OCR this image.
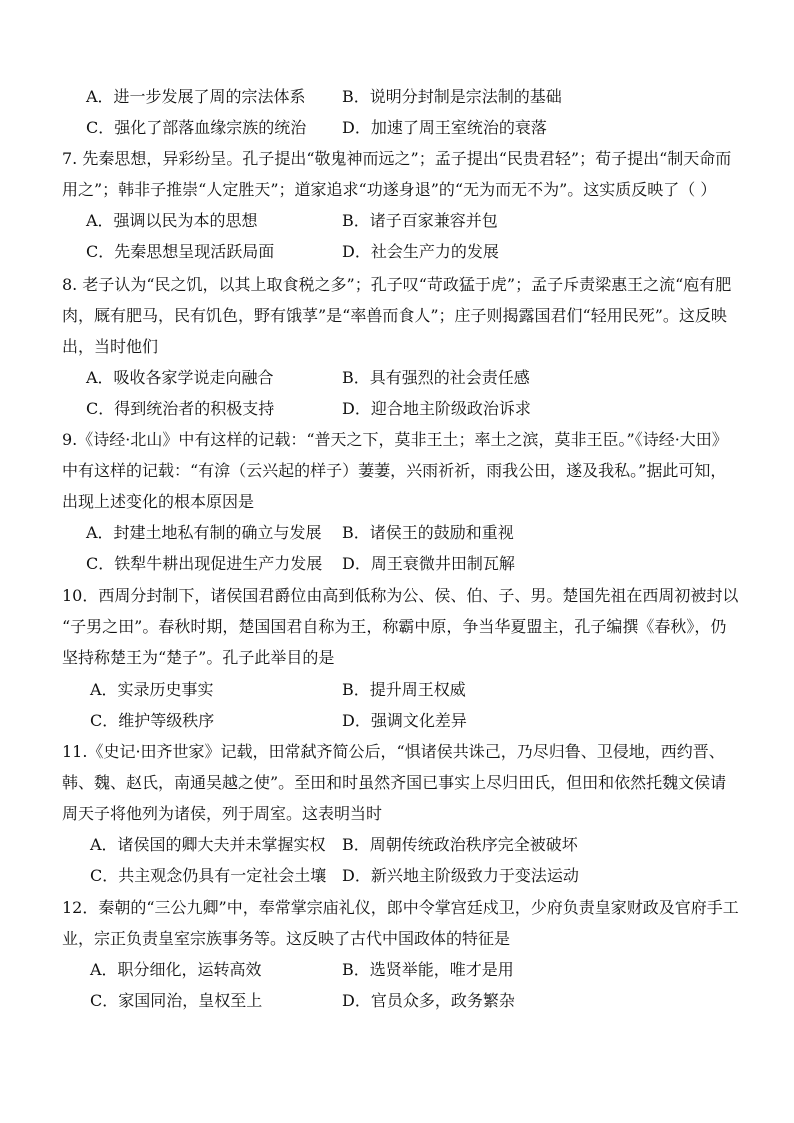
A．进一步发展了周的宗法体系 B．说明分封制是宗法制的基础
C．强化了部落血缘宗族的统治 D．加速了周王室统治的衰落
7. 先秦思想，异彩纷呈。孔子提出“敬鬼神而远之”；孟子提出“民贵君轻”；荀子提出“制天命而
用之”；韩非子推崇“人定胜天”；道家追求“功遂身退”的“无为而无不为”。这实质反映了（ ）
A．强调以民为本的思想	B．诸子百家兼容并包
C．先秦思想呈现活跃局面	D．社会生产力的发展
8. 老子认为“民之饥，以其上取食税之多”；孔子叹“苛政猛于虎”；孟子斥责梁惠王之流“庖有肥
肉，厩有肥马，民有饥色，野有饿莩”是“率兽而食人”；庄子则揭露国君们“轻用民死”。这反映
出，当时他们
A．吸收各家学说走向融合	B．具有强烈的社会责任感
C．得到统治者的积极支持	D．迎合地主阶级政治诉求
9.《诗经·北山》中有这样的记载：“普天之下，莫非王土；率土之滨，莫非王臣。”《诗经·大田》
中有这样的记载：“有渰（云兴起的样子）萋萋，兴雨祈祈，雨我公田，遂及我私。”据此可知，
出现上述变化的根本原因是
A．封建土地私有制的确立与发展 B．诸侯王的鼓励和重视
C．铁犁牛耕出现促进生产力发展 D．周王衰微井田制瓦解
10．西周分封制下，诸侯国君爵位由高到低称为公、侯、伯、子、男。楚国先祖在西周初被封以
“子男之田”。春秋时期，楚国国君自称为王，称霸中原，争当华夏盟主，孔子编撰《春秋》，仍
坚持称楚王为“楚子”。孔子此举目的是
A．实录历史事实	B．提升周王权威
C．维护等级秩序	D．强调文化差异
11.《史记·田齐世家》记载，田常弑齐简公后，“惧诸侯共诛己，乃尽归鲁、卫侵地，西约晋、
韩、魏、赵氏，南通吴越之使”。至田和时虽然齐国已事实上尽归田氏，但田和依然托魏文侯请
周天子将他列为诸侯，列于周室。这表明当时
A．诸侯国的卿大夫并未掌握实权 B．周朝传统政治秩序完全被破坏
C．共主观念仍具有一定社会土壤 D．新兴地主阶级致力于变法运动
12．秦朝的“三公九卿”中，奉常掌宗庙礼仪，郎中令掌宫廷戍卫，少府负责皇家财政及官府手工
业，宗正负责皇室宗族事务等。这反映了古代中国政体的特征是
A．职分细化，运转高效	B．选贤举能，唯才是用
C．家国同治，皇权至上	D．官员众多，政务繁杂
